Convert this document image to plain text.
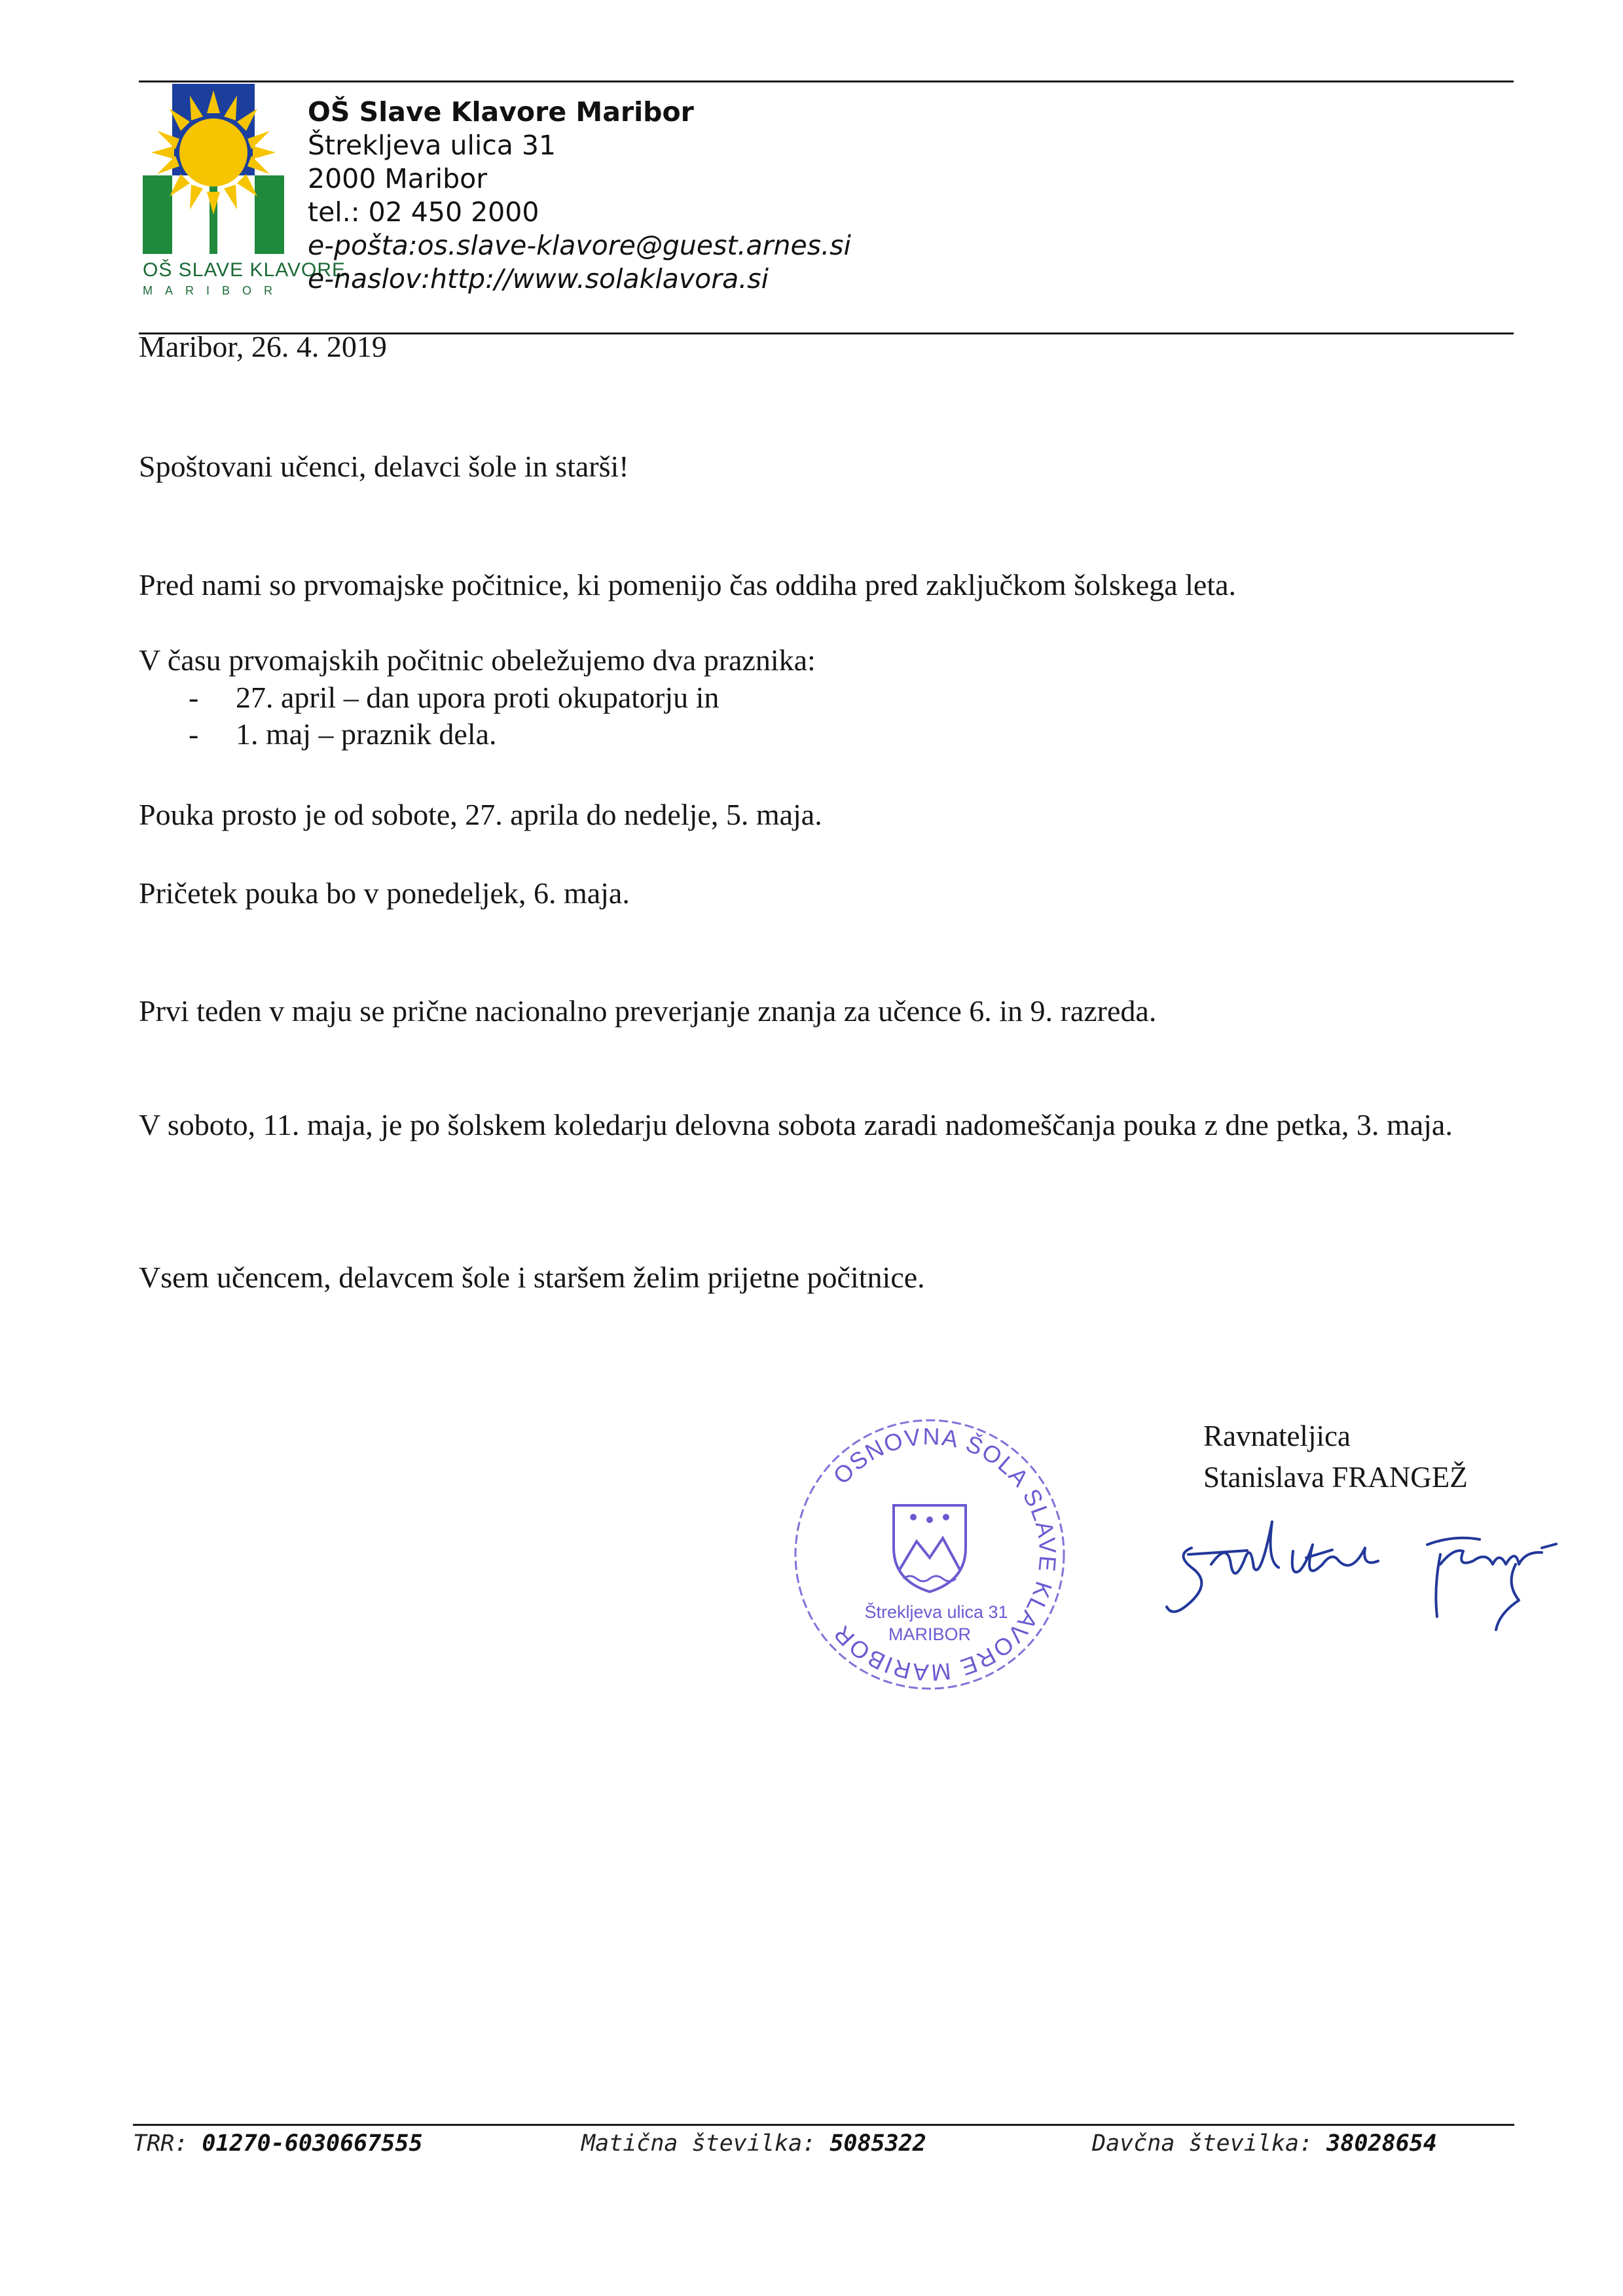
OŠ SLAVE KLAVORE
MARIBOR
OŠ Slave Klavore Maribor
Štrekljeva ulica 31
2000 Maribor
tel.: 02 450 2000
e-pošta:os.slave-klavore@guest.arnes.si
e-naslov:http://www.solaklavora.si
Maribor, 26. 4. 2019
Spoštovani učenci, delavci šole in starši!
Pred nami so prvomajske počitnice, ki pomenijo čas oddiha pred zaključkom šolskega leta.
V času prvomajskih počitnic obeležujemo dva praznika:
- 27. april – dan upora proti okupatorju in
- 1. maj – praznik dela.
Pouka prosto je od sobote, 27. aprila do nedelje, 5. maja.
Pričetek pouka bo v ponedeljek, 6. maja.
Prvi teden v maju se prične nacionalno preverjanje znanja za učence 6. in 9. razreda.
V soboto, 11. maja, je po šolskem koledarju delovna sobota zaradi nadomeščanja pouka z dne petka, 3. maja.
Vsem učencem, delavcem šole i staršem želim prijetne počitnice.
OSNOVNA ŠOLA SLAVE KLAVORE MARIBOR
Štrekljeva ulica 31
MARIBOR
Ravnateljica
Stanislava FRANGEŽ
TRR: 01270-6030667555	Matična številka: 5085322	Davčna številka: 38028654
